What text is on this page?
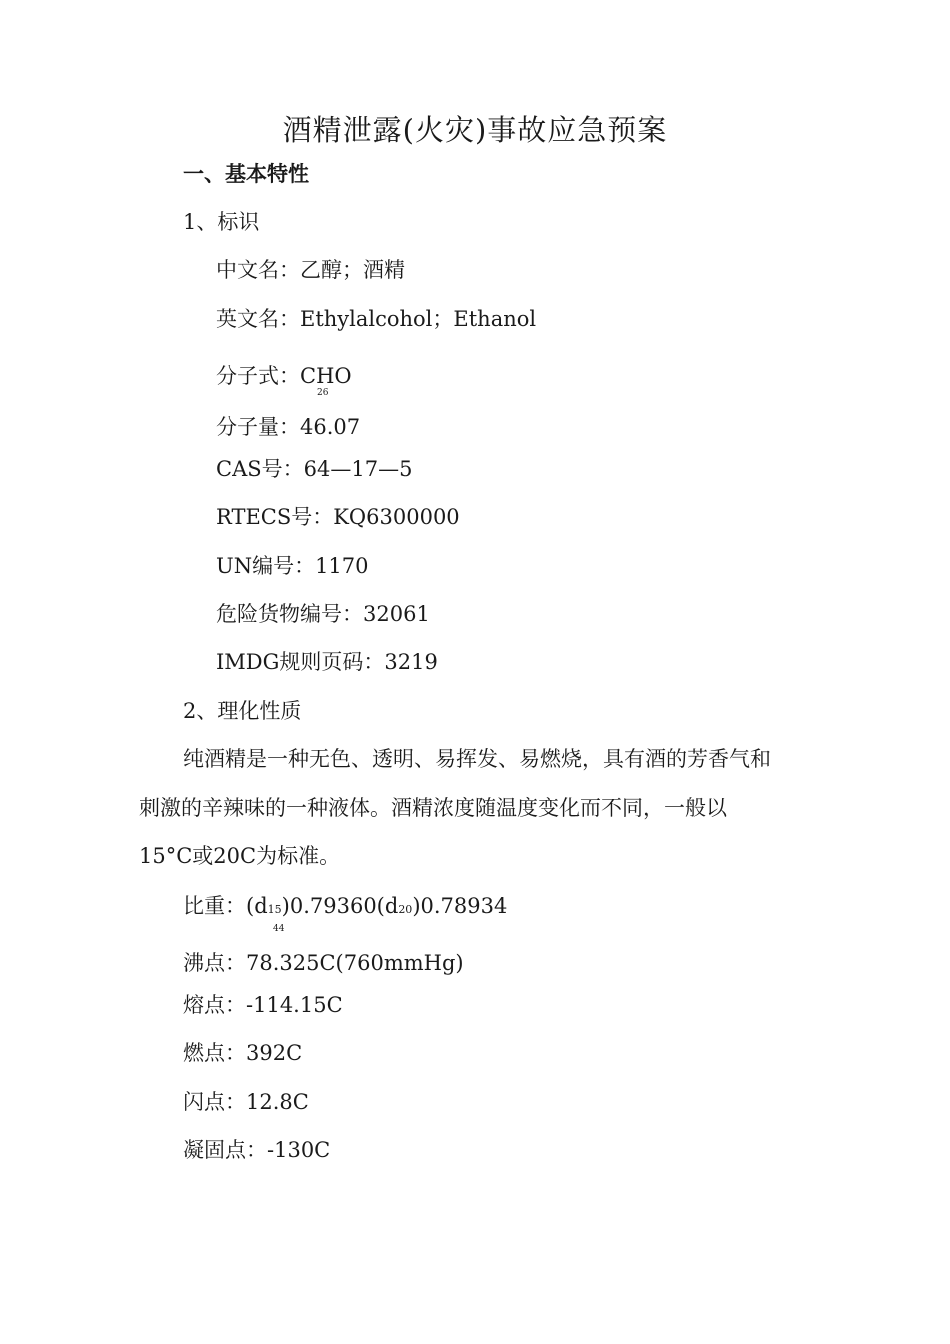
酒精泄露(火灾)事故应急预案
一、基本特性
1、标识
中文名：乙醇；酒精
英文名：Ethylalcohol；Ethanol
分子式：CHO
26
分子量：46.07
CAS号：64—17—5
RTECS号：KQ6300000
UN编号：1170
危险货物编号：32061
IMDG规则页码：3219
2、理化性质
纯酒精是一种无色、透明、易挥发、易燃烧，具有酒的芳香气和
刺激的辛辣味的一种液体。酒精浓度随温度变化而不同，一般以
15°C或20C为标准。
比重：(d15)0.79360(d20)0.78934
44
沸点：78.325C(760mmHg)
熔点：-114.15C
燃点：392C
闪点：12.8C
凝固点：-130C
